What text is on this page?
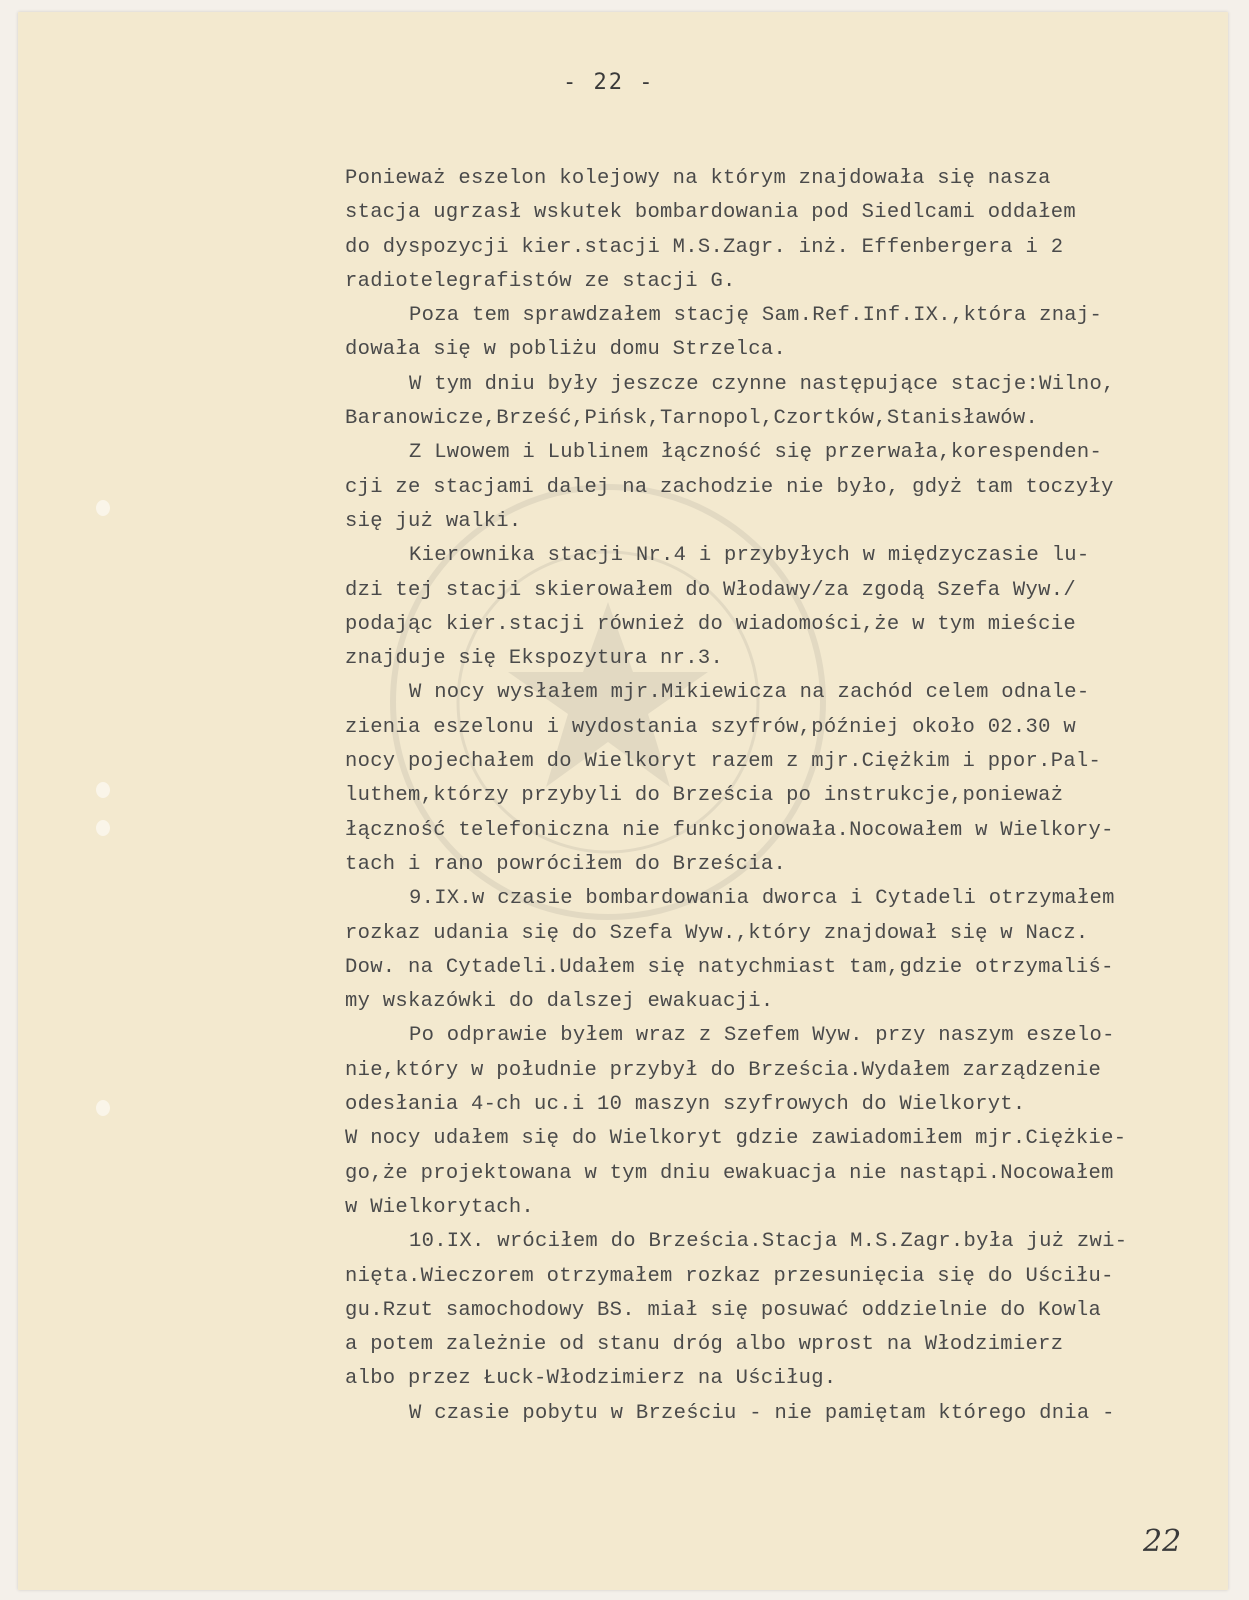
- 22 -
Ponieważ eszelon kolejowy na którym znajdowała się nasza
stacja ugrzasł wskutek bombardowania pod Siedlcami oddałem
do dyspozycji kier.stacji M.S.Zagr. inż. Effenbergera i 2
radiotelegrafistów ze stacji G.
Poza tem sprawdzałem stację Sam.Ref.Inf.IX.,która znaj-
dowała się w pobliżu domu Strzelca.
W tym dniu były jeszcze czynne następujące stacje:Wilno,
Baranowicze,Brześć,Pińsk,Tarnopol,Czortków,Stanisławów.
Z Lwowem i Lublinem łączność się przerwała,korespenden-
cji ze stacjami dalej na zachodzie nie było, gdyż tam toczyły
się już walki.
Kierownika stacji Nr.4 i przybyłych w międzyczasie lu-
dzi tej stacji skierowałem do Włodawy/za zgodą Szefa Wyw./
podając kier.stacji również do wiadomości,że w tym mieście
znajduje się Ekspozytura nr.3.
W nocy wysłałem mjr.Mikiewicza na zachód celem odnale-
zienia eszelonu i wydostania szyfrów,później około 02.30 w
nocy pojechałem do Wielkoryt razem z mjr.Ciężkim i ppor.Pal-
luthem,którzy przybyli do Brześcia po instrukcje,ponieważ
łączność telefoniczna nie funkcjonowała.Nocowałem w Wielkory-
tach i rano powróciłem do Brześcia.
9.IX.w czasie bombardowania dworca i Cytadeli otrzymałem
rozkaz udania się do Szefa Wyw.,który znajdował się w Nacz.
Dow. na Cytadeli.Udałem się natychmiast tam,gdzie otrzymaliś-
my wskazówki do dalszej ewakuacji.
Po odprawie byłem wraz z Szefem Wyw. przy naszym eszelo-
nie,który w południe przybył do Brześcia.Wydałem zarządzenie
odesłania 4-ch uc.i 10 maszyn szyfrowych do Wielkoryt.
W nocy udałem się do Wielkoryt gdzie zawiadomiłem mjr.Ciężkie-
go,że projektowana w tym dniu ewakuacja nie nastąpi.Nocowałem
w Wielkorytach.
10.IX. wróciłem do Brześcia.Stacja M.S.Zagr.była już zwi-
nięta.Wieczorem otrzymałem rozkaz przesunięcia się do Uściłu-
gu.Rzut samochodowy BS. miał się posuwać oddzielnie do Kowla
a potem zależnie od stanu dróg albo wprost na Włodzimierz
albo przez Łuck-Włodzimierz na Uściług.
W czasie pobytu w Brześciu - nie pamiętam którego dnia -
22
